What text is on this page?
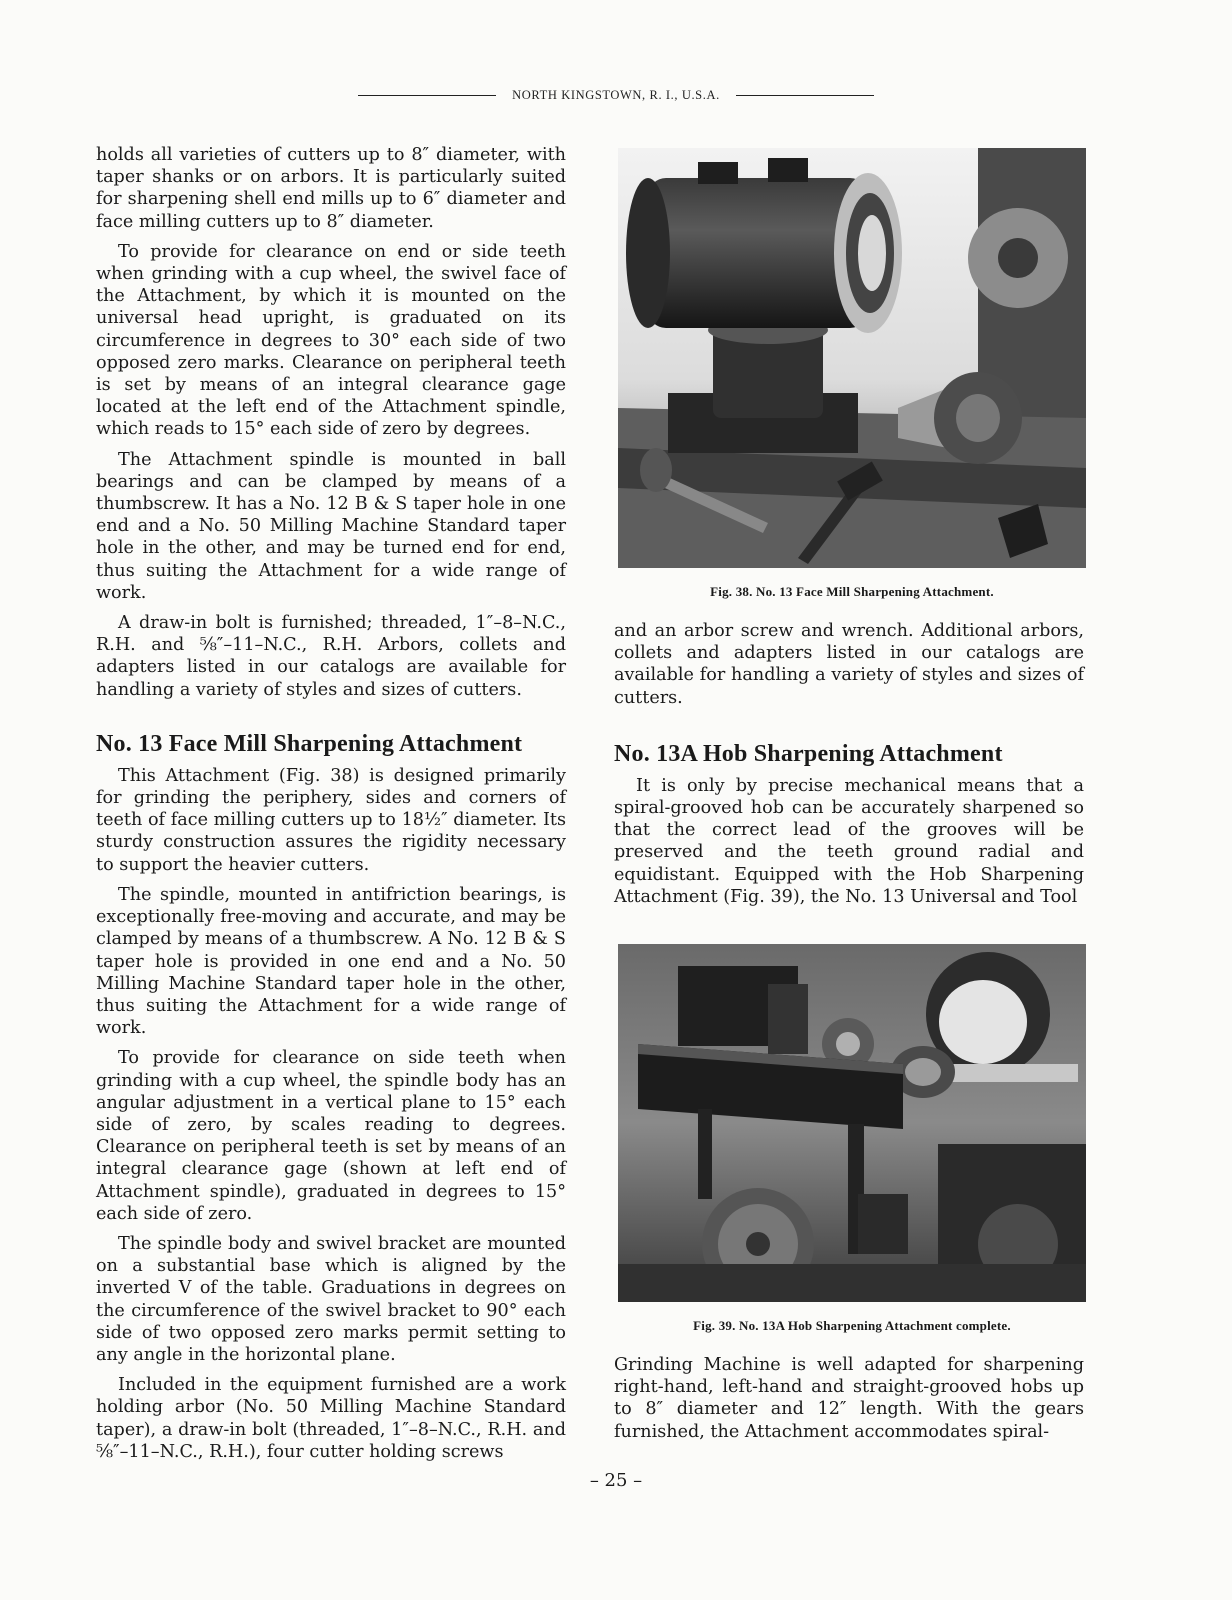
NORTH KINGSTOWN, R. I., U.S.A.

holds all varieties of cutters up to 8″ diameter, with taper shanks or on arbors. It is particularly suited for sharpening shell end mills up to 6″ diameter and face milling cutters up to 8″ diameter.

To provide for clearance on end or side teeth when grinding with a cup wheel, the swivel face of the Attachment, by which it is mounted on the universal head upright, is graduated on its circumference in degrees to 30° each side of two opposed zero marks. Clearance on peripheral teeth is set by means of an integral clearance gage located at the left end of the Attachment spindle, which reads to 15° each side of zero by degrees.

The Attachment spindle is mounted in ball bearings and can be clamped by means of a thumbscrew. It has a No. 12 B & S taper hole in one end and a No. 50 Milling Machine Standard taper hole in the other, and may be turned end for end, thus suiting the Attachment for a wide range of work.

A draw-in bolt is furnished; threaded, 1″–8–N.C., R.H. and ⅝″–11–N.C., R.H. Arbors, collets and adapters listed in our catalogs are available for handling a variety of styles and sizes of cutters.

No. 13 Face Mill Sharpening Attachment

This Attachment (Fig. 38) is designed primarily for grinding the periphery, sides and corners of teeth of face milling cutters up to 18½″ diameter. Its sturdy construction assures the rigidity necessary to support the heavier cutters.

The spindle, mounted in antifriction bearings, is exceptionally free-moving and accurate, and may be clamped by means of a thumbscrew. A No. 12 B & S taper hole is provided in one end and a No. 50 Milling Machine Standard taper hole in the other, thus suiting the Attachment for a wide range of work.

To provide for clearance on side teeth when grinding with a cup wheel, the spindle body has an angular adjustment in a vertical plane to 15° each side of zero, by scales reading to degrees. Clearance on peripheral teeth is set by means of an integral clearance gage (shown at left end of Attachment spindle), graduated in degrees to 15° each side of zero.

The spindle body and swivel bracket are mounted on a substantial base which is aligned by the inverted V of the table. Graduations in degrees on the circumference of the swivel bracket to 90° each side of two opposed zero marks permit setting to any angle in the horizontal plane.

Included in the equipment furnished are a work holding arbor (No. 50 Milling Machine Standard taper), a draw-in bolt (threaded, 1″–8–N.C., R.H. and ⅝″–11–N.C., R.H.), four cutter holding screws

Fig. 38. No. 13 Face Mill Sharpening Attachment.

and an arbor screw and wrench. Additional arbors, collets and adapters listed in our catalogs are available for handling a variety of styles and sizes of cutters.

No. 13A Hob Sharpening Attachment

It is only by precise mechanical means that a spiral-grooved hob can be accurately sharpened so that the correct lead of the grooves will be preserved and the teeth ground radial and equidistant. Equipped with the Hob Sharpening Attachment (Fig. 39), the No. 13 Universal and Tool

Fig. 39. No. 13A Hob Sharpening Attachment complete.

Grinding Machine is well adapted for sharpening right-hand, left-hand and straight-grooved hobs up to 8″ diameter and 12″ length. With the gears furnished, the Attachment accommodates spiral-

– 25 –
